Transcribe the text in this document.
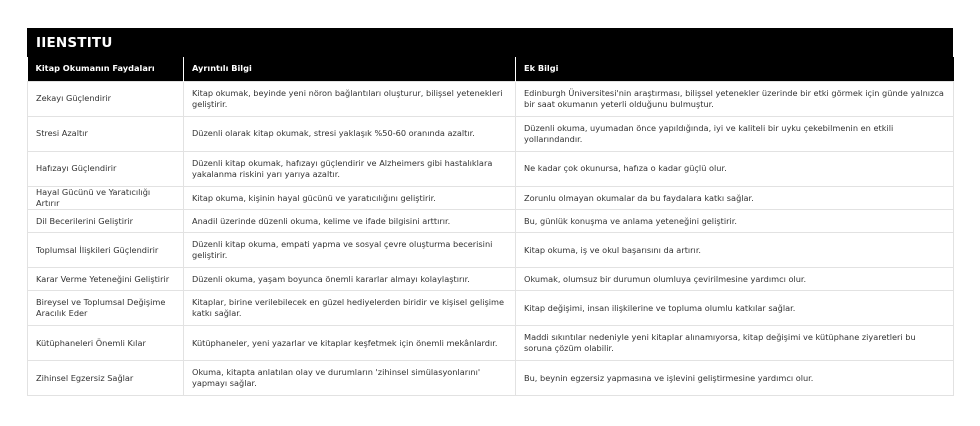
IIENSTITU
Kitap Okumanın Faydaları	Ayrıntılı Bilgi	Ek Bilgi
Zekayı Güçlendirir	Kitap okumak, beyinde yeni nöron bağlantıları oluşturur, bilişsel yetenekleri geliştirir.	Edinburgh Üniversitesi'nin araştırması, bilişsel yetenekler üzerinde bir etki görmek için günde yalnızca bir saat okumanın yeterli olduğunu bulmuştur.
Stresi Azaltır	Düzenli olarak kitap okumak, stresi yaklaşık %50-60 oranında azaltır.	Düzenli okuma, uyumadan önce yapıldığında, iyi ve kaliteli bir uyku çekebilmenin en etkili yollarındandır.
Hafızayı Güçlendirir	Düzenli kitap okumak, hafızayı güçlendirir ve Alzheimers gibi hastalıklara yakalanma riskini yarı yarıya azaltır.	Ne kadar çok okunursa, hafıza o kadar güçlü olur.
Hayal Gücünü ve Yaratıcılığı Artırır	Kitap okuma, kişinin hayal gücünü ve yaratıcılığını geliştirir.	Zorunlu olmayan okumalar da bu faydalara katkı sağlar.
Dil Becerilerini Geliştirir	Anadil üzerinde düzenli okuma, kelime ve ifade bilgisini arttırır.	Bu, günlük konuşma ve anlama yeteneğini geliştirir.
Toplumsal İlişkileri Güçlendirir	Düzenli kitap okuma, empati yapma ve sosyal çevre oluşturma becerisini geliştirir.	Kitap okuma, iş ve okul başarısını da artırır.
Karar Verme Yeteneğini Geliştirir	Düzenli okuma, yaşam boyunca önemli kararlar almayı kolaylaştırır.	Okumak, olumsuz bir durumun olumluya çevirilmesine yardımcı olur.
Bireysel ve Toplumsal Değişime Aracılık Eder	Kitaplar, birine verilebilecek en güzel hediyelerden biridir ve kişisel gelişime katkı sağlar.	Kitap değişimi, insan ilişkilerine ve topluma olumlu katkılar sağlar.
Kütüphaneleri Önemli Kılar	Kütüphaneler, yeni yazarlar ve kitaplar keşfetmek için önemli mekânlardır.	Maddi sıkıntılar nedeniyle yeni kitaplar alınamıyorsa, kitap değişimi ve kütüphane ziyaretleri bu soruna çözüm olabilir.
Zihinsel Egzersiz Sağlar	Okuma, kitapta anlatılan olay ve durumların 'zihinsel simülasyonlarını' yapmayı sağlar.	Bu, beynin egzersiz yapmasına ve işlevini geliştirmesine yardımcı olur.
